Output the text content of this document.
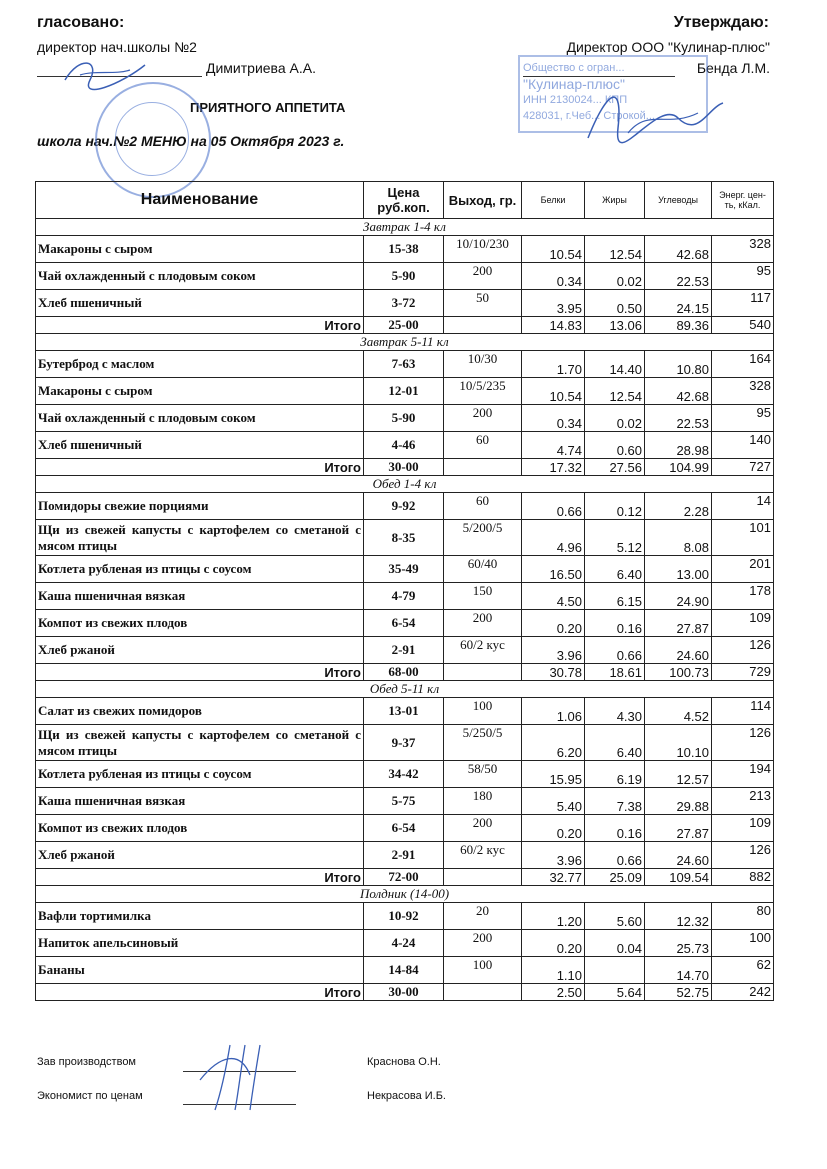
гласовано:
директор нач.школы №2
Димитриева А.А.
Утверждаю:
Директор ООО "Кулинар-плюс"
Бенда Л.М.
ПРИЯТНОГО АППЕТИТА
школа нач.№2 МЕНЮ на 05 Октября 2023 г.
Общество с огран...
"Кулинар-плюс"
ИНН 2130024... КПП
428031, г.Чеб... Строкой...
Наименование	Цена руб.коп.	Выход, гр.	Белки	Жиры	Углеводы	Энерг. цен-ть, кКал.
Завтрак 1-4 кл						
Макароны с сыром	15-38	10/10/230	10.54	12.54	42.68	328
Чай охлажденный с плодовым соком	5-90	200	0.34	0.02	22.53	95
Хлеб пшеничный	3-72	50	3.95	0.50	24.15	117
Итого	25-00		14.83	13.06	89.36	540
Завтрак 5-11 кл						
Бутерброд с маслом	7-63	10/30	1.70	14.40	10.80	164
Макароны с сыром	12-01	10/5/235	10.54	12.54	42.68	328
Чай охлажденный с плодовым соком	5-90	200	0.34	0.02	22.53	95
Хлеб пшеничный	4-46	60	4.74	0.60	28.98	140
Итого	30-00		17.32	27.56	104.99	727
Обед 1-4 кл						
Помидоры свежие порциями	9-92	60	0.66	0.12	2.28	14
Щи из свежей капусты с картофелем со сметаной с мясом птицы	8-35	5/200/5	4.96	5.12	8.08	101
Котлета рубленая из птицы с соусом	35-49	60/40	16.50	6.40	13.00	201
Каша пшеничная вязкая	4-79	150	4.50	6.15	24.90	178
Компот из свежих плодов	6-54	200	0.20	0.16	27.87	109
Хлеб ржаной	2-91	60/2 кус	3.96	0.66	24.60	126
Итого	68-00		30.78	18.61	100.73	729
Обед 5-11 кл						
Салат из свежих помидоров	13-01	100	1.06	4.30	4.52	114
Щи из свежей капусты с картофелем со сметаной с мясом птицы	9-37	5/250/5	6.20	6.40	10.10	126
Котлета рубленая из птицы с соусом	34-42	58/50	15.95	6.19	12.57	194
Каша пшеничная вязкая	5-75	180	5.40	7.38	29.88	213
Компот из свежих плодов	6-54	200	0.20	0.16	27.87	109
Хлеб ржаной	2-91	60/2 кус	3.96	0.66	24.60	126
Итого	72-00		32.77	25.09	109.54	882
Полдник (14-00)						
Вафли тортимилка	10-92	20	1.20	5.60	12.32	80
Напиток апельсиновый	4-24	200	0.20	0.04	25.73	100
Бананы	14-84	100	1.10		14.70	62
Итого	30-00		2.50	5.64	52.75	242
Зав производством	Краснова О.Н.
Экономист по ценам	Некрасова И.Б.
